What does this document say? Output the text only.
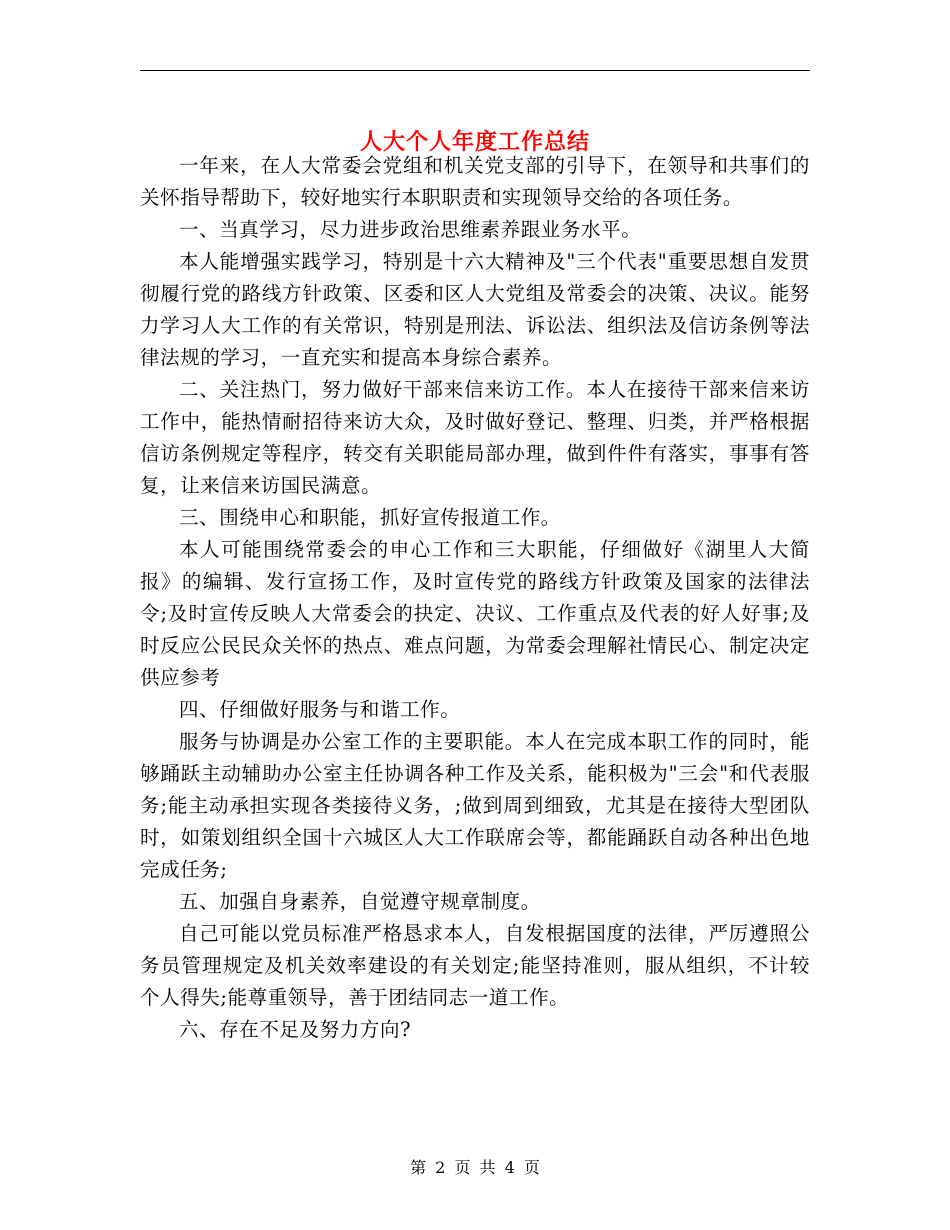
人大个人年度工作总结

一年来，在人大常委会党组和机关党支部的引导下，在领导和共事们的关怀指导帮助下，较好地实行本职职责和实现领导交给的各项任务。

一、当真学习，尽力进步政治思维素养跟业务水平。

本人能增强实践学习，特别是十六大精神及"三个代表"重要思想自发贯彻履行党的路线方针政策、区委和区人大党组及常委会的决策、决议。能努力学习人大工作的有关常识，特别是刑法、诉讼法、组织法及信访条例等法律法规的学习，一直充实和提高本身综合素养。

二、关注热门，努力做好干部来信来访工作。本人在接待干部来信来访工作中，能热情耐招待来访大众，及时做好登记、整理、归类，并严格根据信访条例规定等程序，转交有关职能局部办理，做到件件有落实，事事有答复，让来信来访国民满意。

三、围绕申心和职能，抓好宣传报道工作。

本人可能围绕常委会的申心工作和三大职能，仔细做好《湖里人大简报》的编辑、发行宣扬工作，及时宣传党的路线方针政策及国家的法律法令;及时宣传反映人大常委会的抉定、决议、工作重点及代表的好人好事;及时反应公民民众关怀的热点、难点问题，为常委会理解社情民心、制定决定供应参考

四、仔细做好服务与和谐工作。

服务与协调是办公室工作的主要职能。本人在完成本职工作的同时，能够踊跃主动辅助办公室主任协调各种工作及关系，能积极为"三会"和代表服务;能主动承担实现各类接待义务，;做到周到细致，尤其是在接待大型团队时，如策划组织全国十六城区人大工作联席会等，都能踊跃自动各种出色地完成任务;

五、加强自身素养，自觉遵守规章制度。

自己可能以党员标准严格恳求本人，自发根据国度的法律，严厉遵照公务员管理规定及机关效率建设的有关划定;能坚持准则，服从组织，不计较个人得失;能尊重领导，善于团结同志一道工作。

六、存在不足及努力方向?

第 2 页 共 4 页
